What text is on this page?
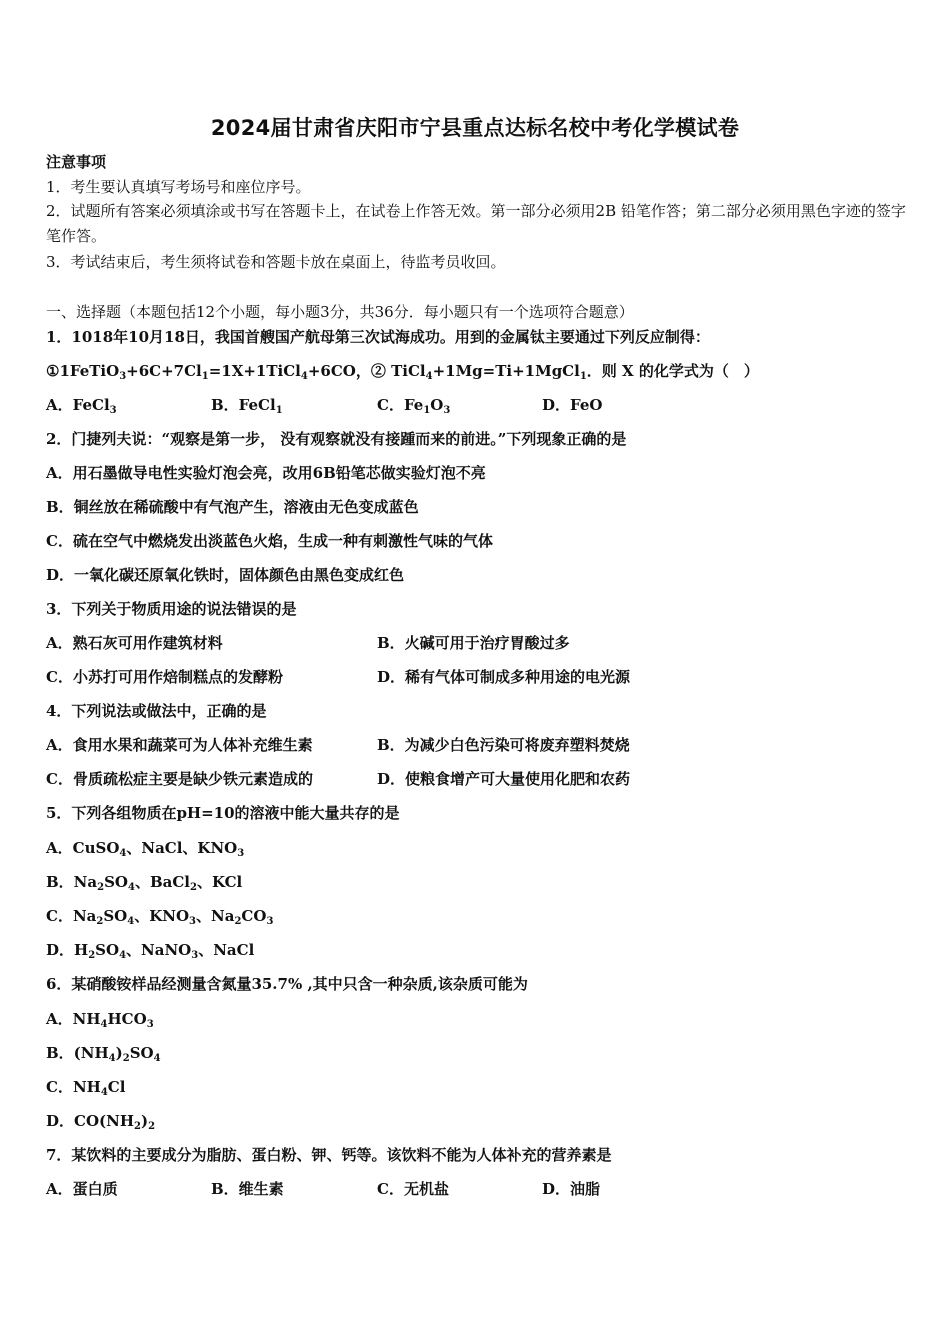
2024届甘肃省庆阳市宁县重点达标名校中考化学模试卷
注意事项
1．考生要认真填写考场号和座位序号。
2．试题所有答案必须填涂或书写在答题卡上，在试卷上作答无效。第一部分必须用2B 铅笔作答；第二部分必须用黑色字迹的签字笔作答。
3．考试结束后，考生须将试卷和答题卡放在桌面上，待监考员收回。
一、选择题（本题包括12个小题，每小题3分，共36分．每小题只有一个选项符合题意）
1．1018年10月18日，我国首艘国产航母第三次试海成功。用到的金属钛主要通过下列反应制得：
$①1FeTiO_3+6C+7Cl_1=1X+1TiCl_4+6CO$，② TiCl$_4$+1Mg=Ti+1MgCl$_1$．则 X 的化学式为（　）
A．FeCl$_3$	B．FeCl$_1$	C．$Fe_1O_3$	D．FeO
2．门捷列夫说：“观察是第一步， 没有观察就没有接踵而来的前进。”下列现象正确的是
A．用石墨做导电性实验灯泡会亮，改用6B铅笔芯做实验灯泡不亮
B．铜丝放在稀硫酸中有气泡产生，溶液由无色变成蓝色
C．硫在空气中燃烧发出淡蓝色火焰，生成一种有刺激性气味的气体
D．一氧化碳还原氧化铁时，固体颜色由黑色变成红色
3．下列关于物质用途的说法错误的是
A．熟石灰可用作建筑材料	B．火碱可用于治疗胃酸过多
C．小苏打可用作焙制糕点的发酵粉	D．稀有气体可制成多种用途的电光源
4．下列说法或做法中，正确的是
A．食用水果和蔬菜可为人体补充维生素	B．为减少白色污染可将废弃塑料焚烧
C．骨质疏松症主要是缺少铁元素造成的	D．使粮食增产可大量使用化肥和农药
5．下列各组物质在pH=10的溶液中能大量共存的是
A．CuSO$_4$、NaCl、$KNO_3$
B．$Na_2SO_4$、BaCl$_2$、KCl
C．$Na_2SO_4$、$KNO_3$、$Na_2CO_3$
D．$H_2SO_4$、NaNO$_3$、NaCl
6．某硝酸铵样品经测量含氮量35.7% ,其中只含一种杂质,该杂质可能为
A．$NH_4HCO_3$
B．$(NH_4)_2SO_4$
C．$NH_4Cl$
D．$CO(NH_2)_2$
7．某饮料的主要成分为脂肪、蛋白粉、钾、钙等。该饮料不能为人体补充的营养素是
A．蛋白质	B．维生素	C．无机盐	D．油脂
